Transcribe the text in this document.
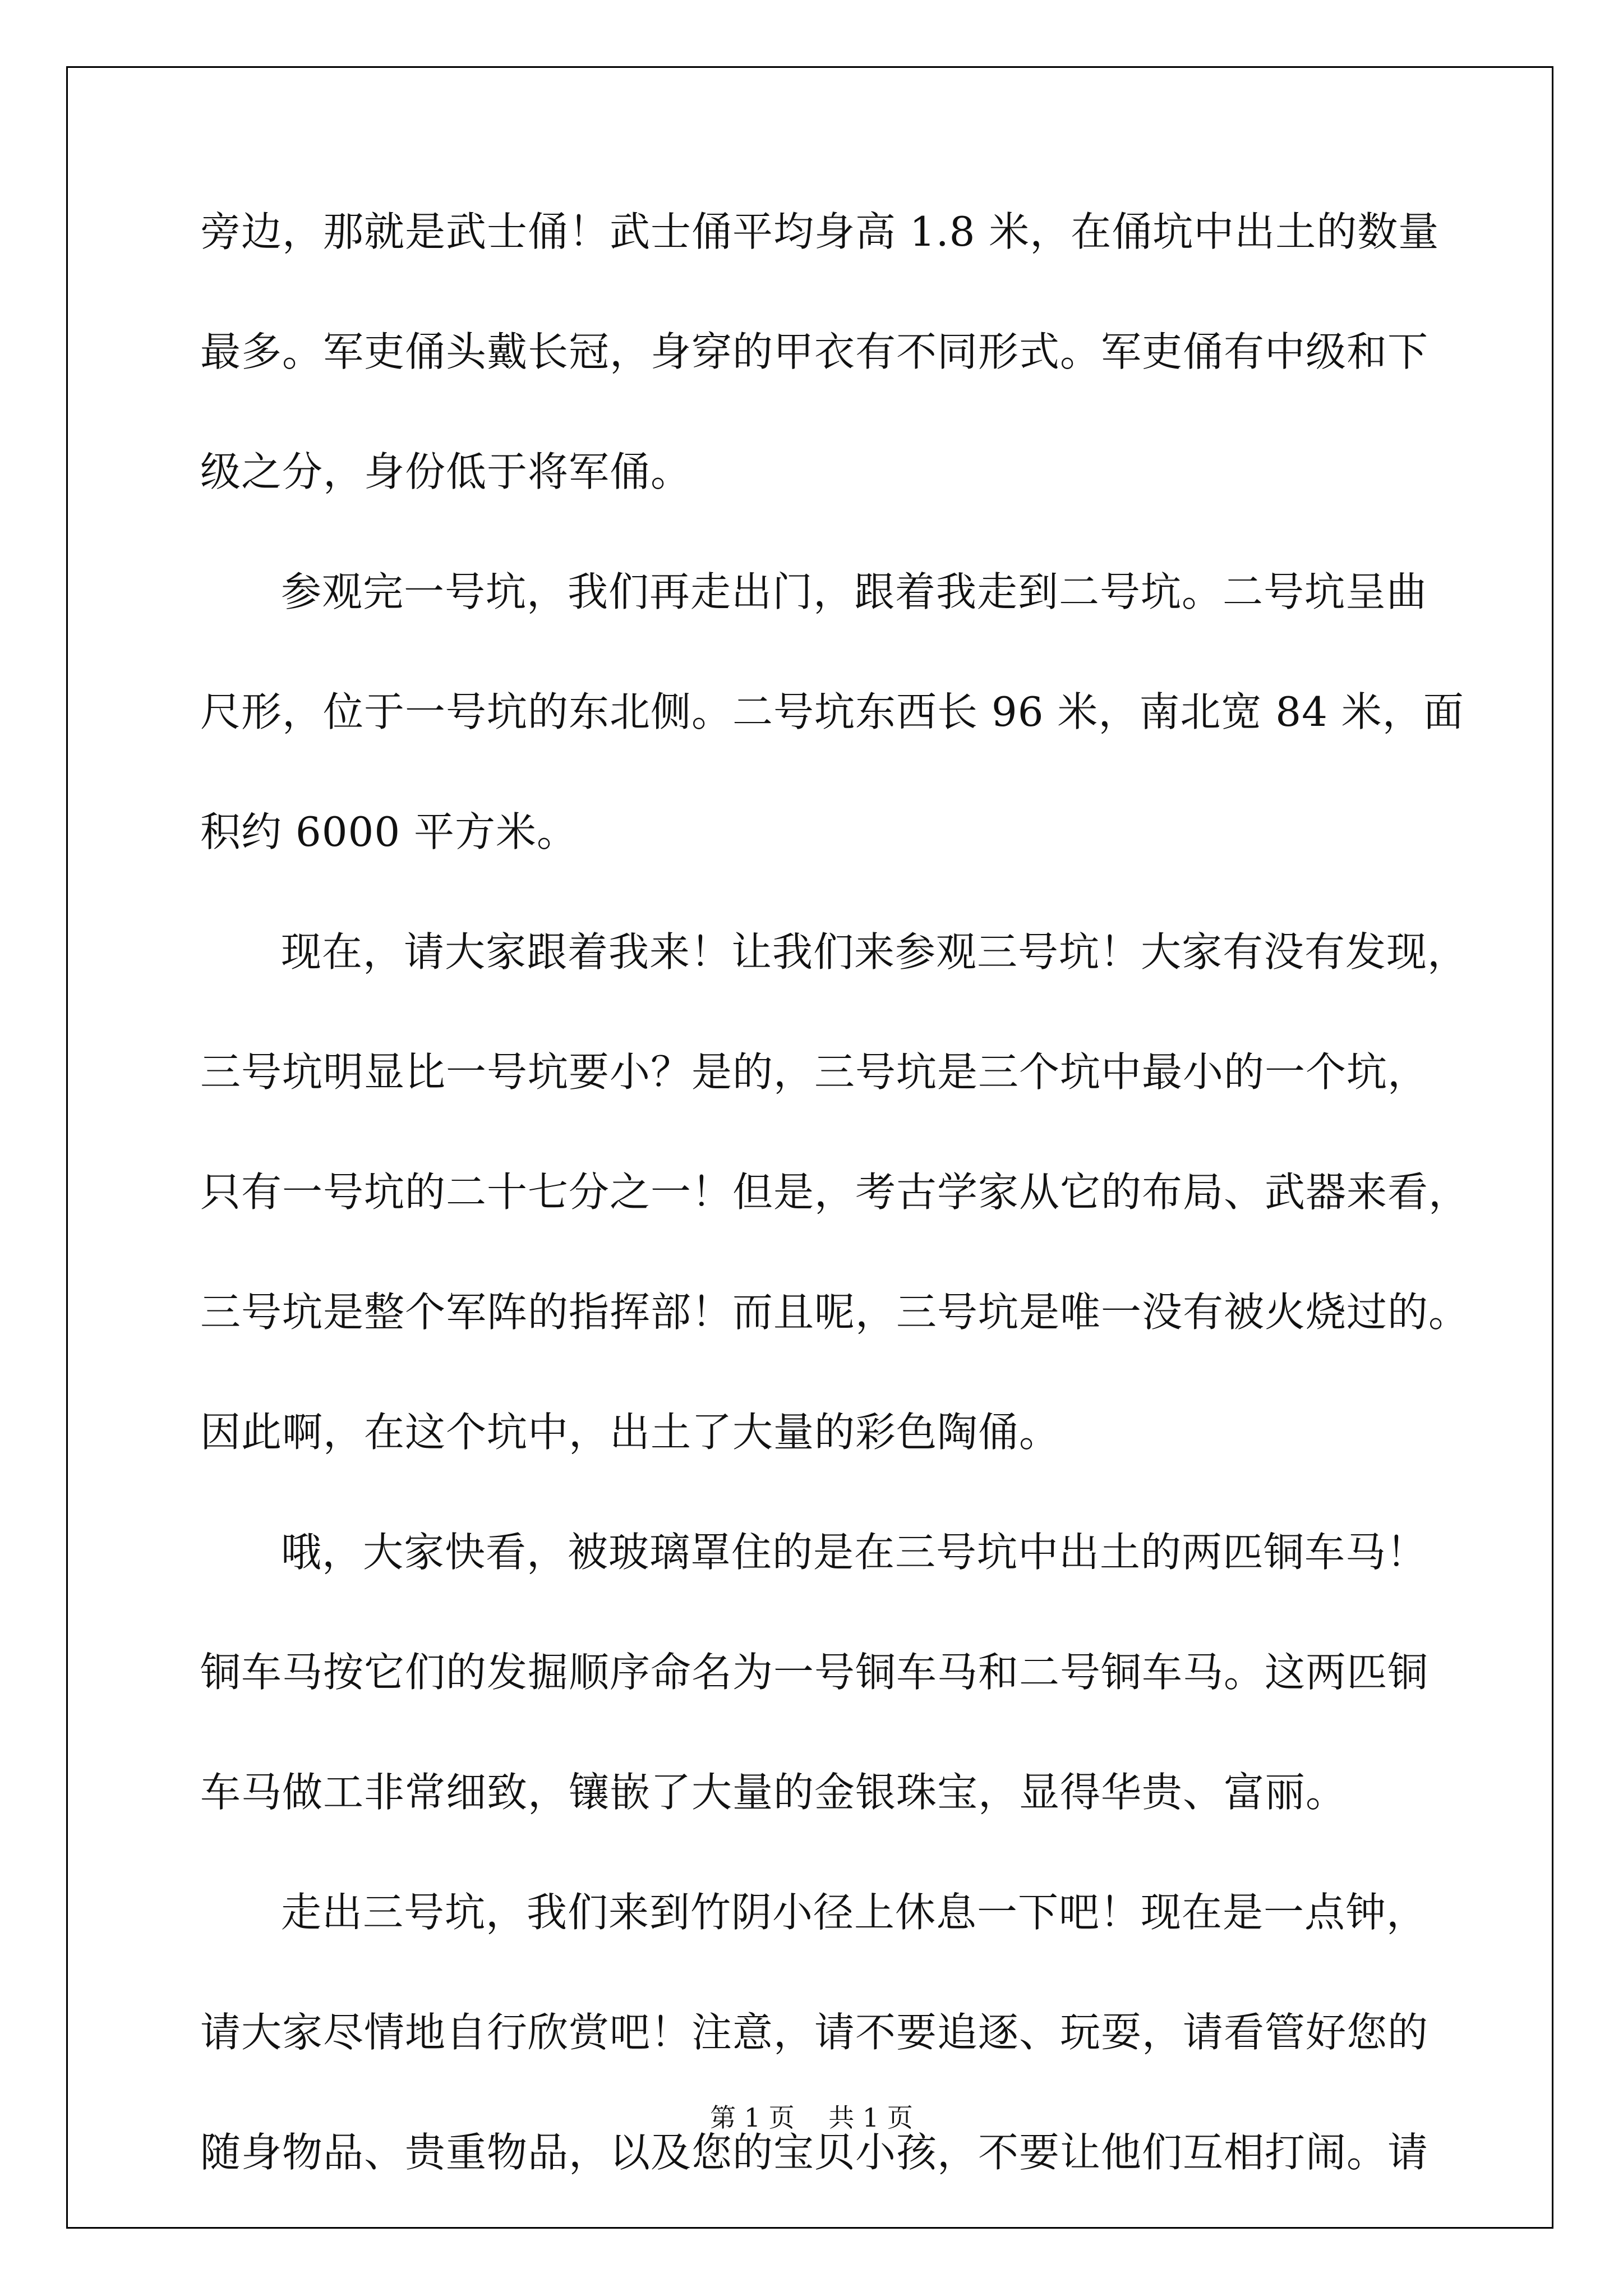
旁边，那就是武士俑！武士俑平均身高 1.8 米，在俑坑中出土的数量
最多。军吏俑头戴长冠，身穿的甲衣有不同形式。军吏俑有中级和下
级之分，身份低于将军俑。
参观完一号坑，我们再走出门，跟着我走到二号坑。二号坑呈曲
尺形，位于一号坑的东北侧。二号坑东西长 96 米，南北宽 84 米，面
积约 6000 平方米。
现在，请大家跟着我来！让我们来参观三号坑！大家有没有发现，
三号坑明显比一号坑要小？是的，三号坑是三个坑中最小的一个坑，
只有一号坑的二十七分之一！但是，考古学家从它的布局、武器来看，
三号坑是整个军阵的指挥部！而且呢，三号坑是唯一没有被火烧过的。
因此啊，在这个坑中，出土了大量的彩色陶俑。
哦，大家快看，被玻璃罩住的是在三号坑中出土的两匹铜车马！
铜车马按它们的发掘顺序命名为一号铜车马和二号铜车马。这两匹铜
车马做工非常细致，镶嵌了大量的金银珠宝，显得华贵、富丽。
走出三号坑，我们来到竹阴小径上休息一下吧！现在是一点钟，
请大家尽情地自行欣赏吧！注意，请不要追逐、玩耍，请看管好您的
随身物品、贵重物品，以及您的宝贝小孩，不要让他们互相打闹。请
第 1 页　 共 1 页
